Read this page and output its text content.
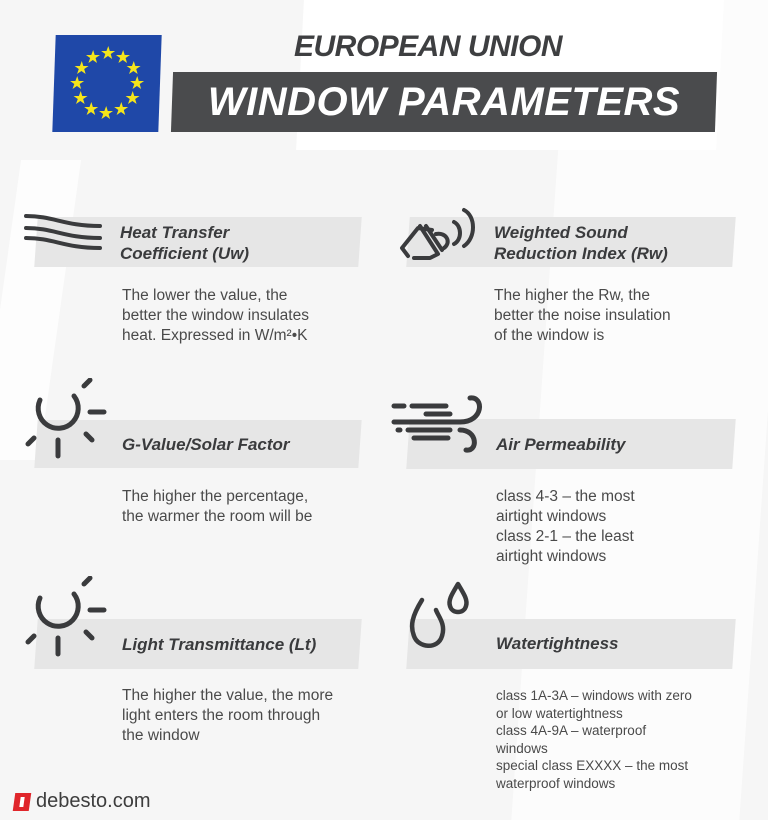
EUROPEAN UNION
WINDOW PARAMETERS
Heat Transfer
Coefficient (Uw)
The lower the value, the
better the window insulates
heat. Expressed in W/m²•K
Weighted Sound
Reduction Index (Rw)
The higher the Rw, the
better the noise insulation
of the window is
G-Value/Solar Factor
The higher the percentage,
the warmer the room will be
Air Permeability
class 4-3 – the most
airtight windows
class 2-1 – the least
airtight windows
Light Transmittance (Lt)
The higher the value, the more
light enters the room through
the window
Watertightness
class 1A-3A – windows with zero
or low watertightness
class 4A-9A – waterproof
windows
special class EXXXX – the most
waterproof windows
debesto.com
